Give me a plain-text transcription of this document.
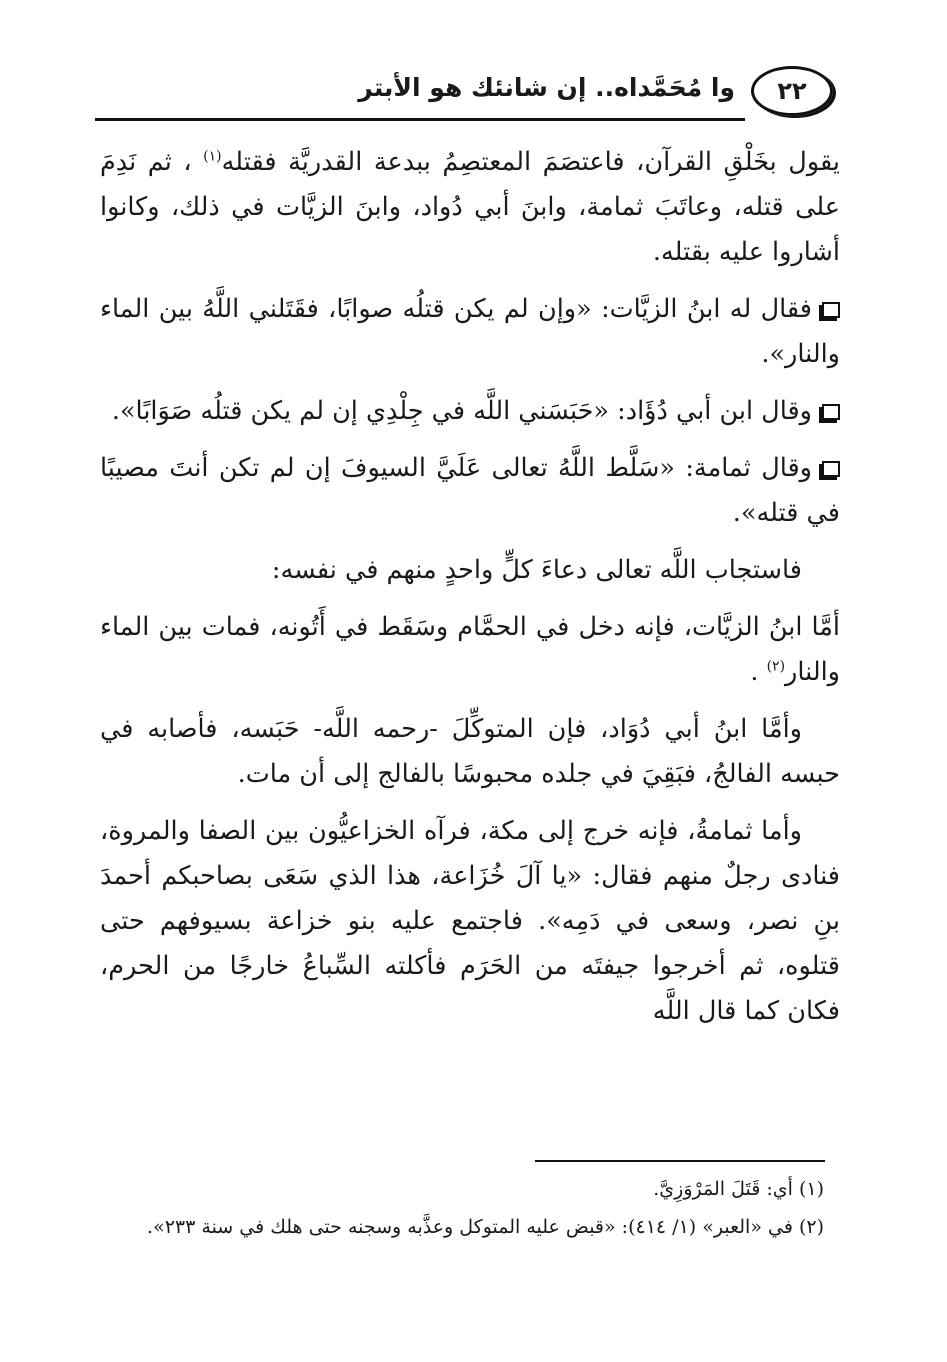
وا مُحَمَّداه.. إن شانئك هو الأبتر	٢٢

يقول بخَلْقِ القرآن، فاعتصَمَ المعتصِمُ ببدعة القدريَّة فقتله$^{(١)}$ ، ثم نَدِمَ على قتله، وعاتَبَ ثمامة، وابنَ أبي دُواد، وابنَ الزيَّات في ذلك، وكانوا أشاروا عليه بقتله.

فقال له ابنُ الزيَّات: «وإن لم يكن قتلُه صوابًا، فقَتَلني اللَّهُ بين الماء والنار».

وقال ابن أبي دُؤَاد: «حَبَسَني اللَّه في جِلْدِي إن لم يكن قتلُه صَوَابًا».

وقال ثمامة: «سَلَّط اللَّهُ تعالى عَلَيَّ السيوفَ إن لم تكن أنتَ مصيبًا في قتله».

فاستجاب اللَّه تعالى دعاءَ كلٍّ واحدٍ منهم في نفسه:

أمَّا ابنُ الزيَّات، فإنه دخل في الحمَّام وسَقَط في أَتُونه، فمات بين الماء والنار$^{(٢)}$ .

وأمَّا ابنُ أبي دُوَاد، فإن المتوكِّلَ -رحمه اللَّه- حَبَسه، فأصابه في حبسه الفالجُ، فبَقِيَ في جلده محبوسًا بالفالج إلى أن مات.

وأما ثمامةُ، فإنه خرج إلى مكة، فرآه الخزاعيُّون بين الصفا والمروة، فنادى رجلٌ منهم فقال: «يا آلَ خُزَاعة، هذا الذي سَعَى بصاحبكم أحمدَ بنِ نصر، وسعى في دَمِه». فاجتمع عليه بنو خزاعة بسيوفهم حتى قتلوه، ثم أخرجوا جيفتَه من الحَرَم فأكلته السِّباعُ خارجًا من الحرم، فكان كما قال اللَّه

(١) أي: قَتَلَ المَرْوَزِيَّ.

(٢) في «العبر» (١/ ٤١٤): «قبض عليه المتوكل وعذَّبه وسجنه حتى هلك في سنة ٢٣٣».
